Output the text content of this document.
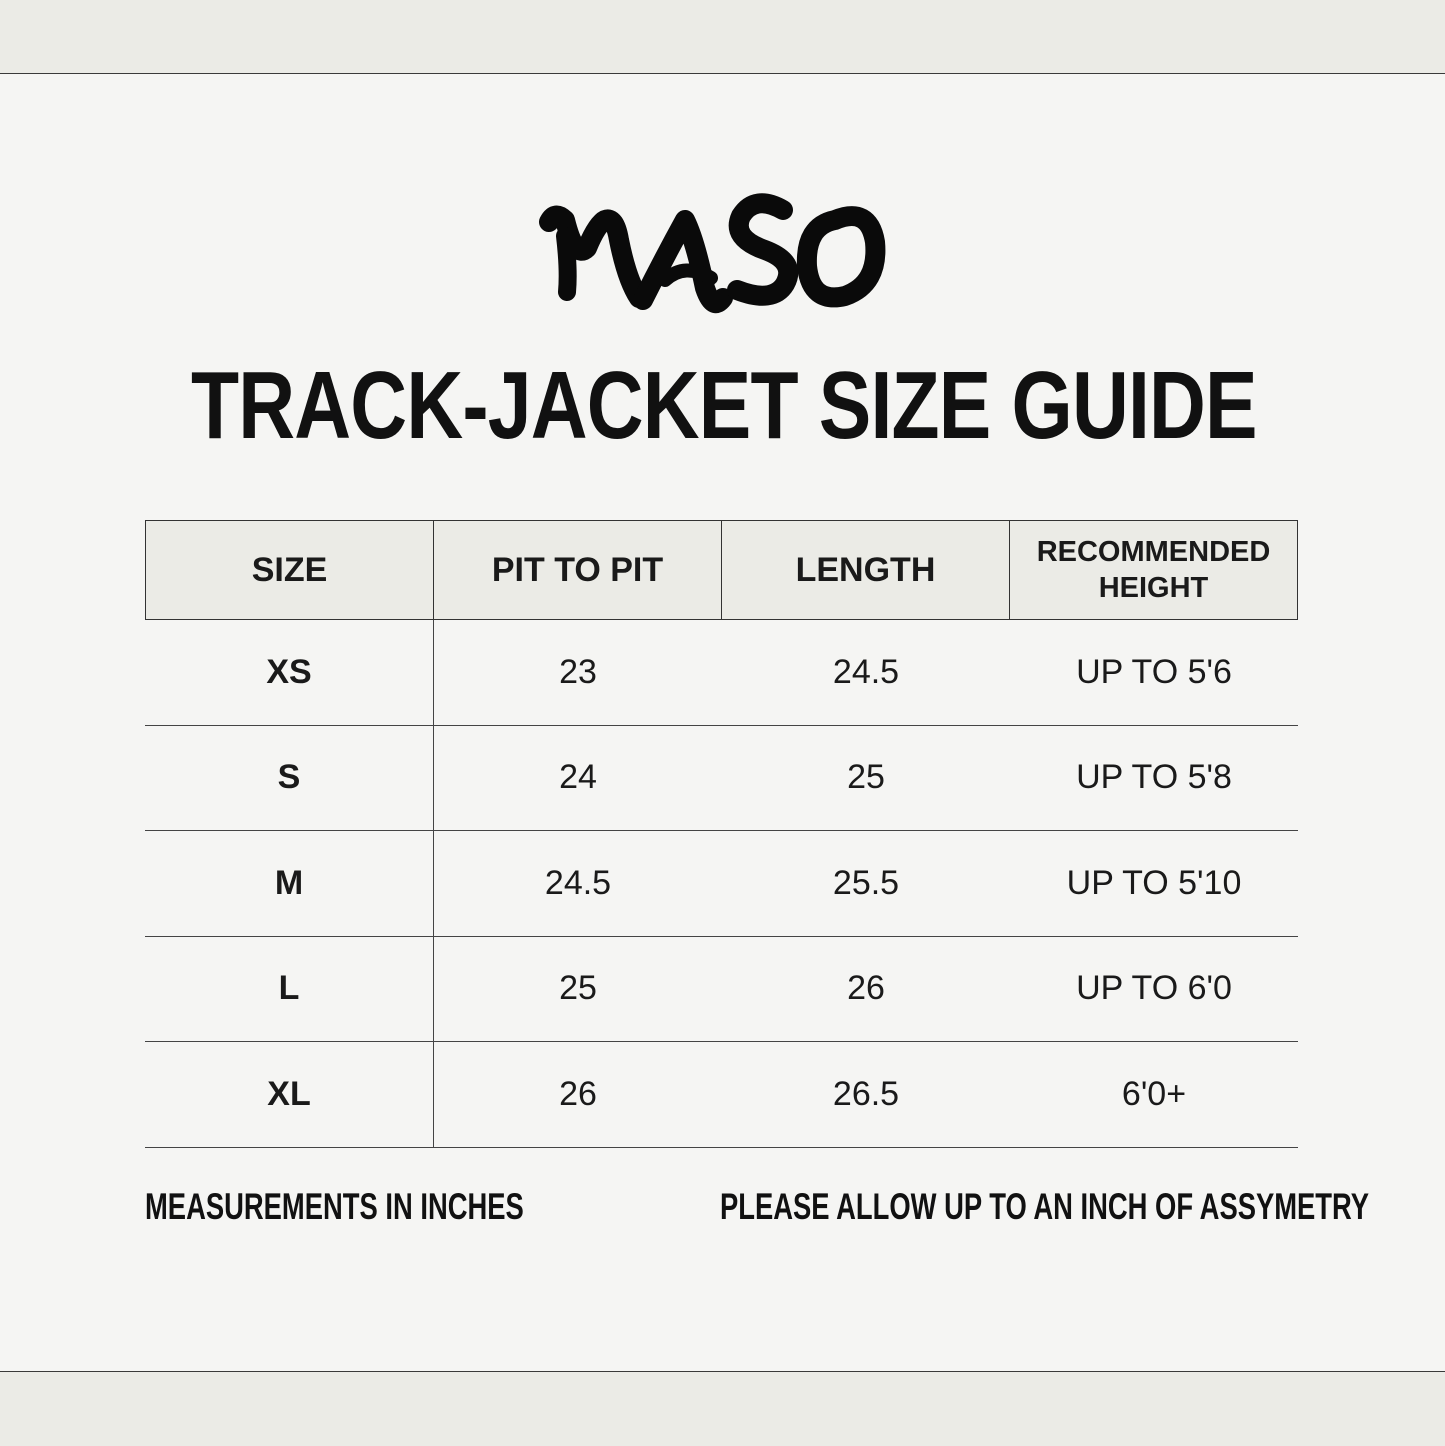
TRACK-JACKET SIZE GUIDE
SIZE	PIT TO PIT	LENGTH	RECOMMENDED
HEIGHT
XS	23	24.5	UP TO 5'6
S	24	25	UP TO 5'8
M	24.5	25.5	UP TO 5'10
L	25	26	UP TO 6'0
XL	26	26.5	6'0+
MEASUREMENTS IN INCHES	PLEASE ALLOW UP TO AN INCH OF ASSYMETRY
